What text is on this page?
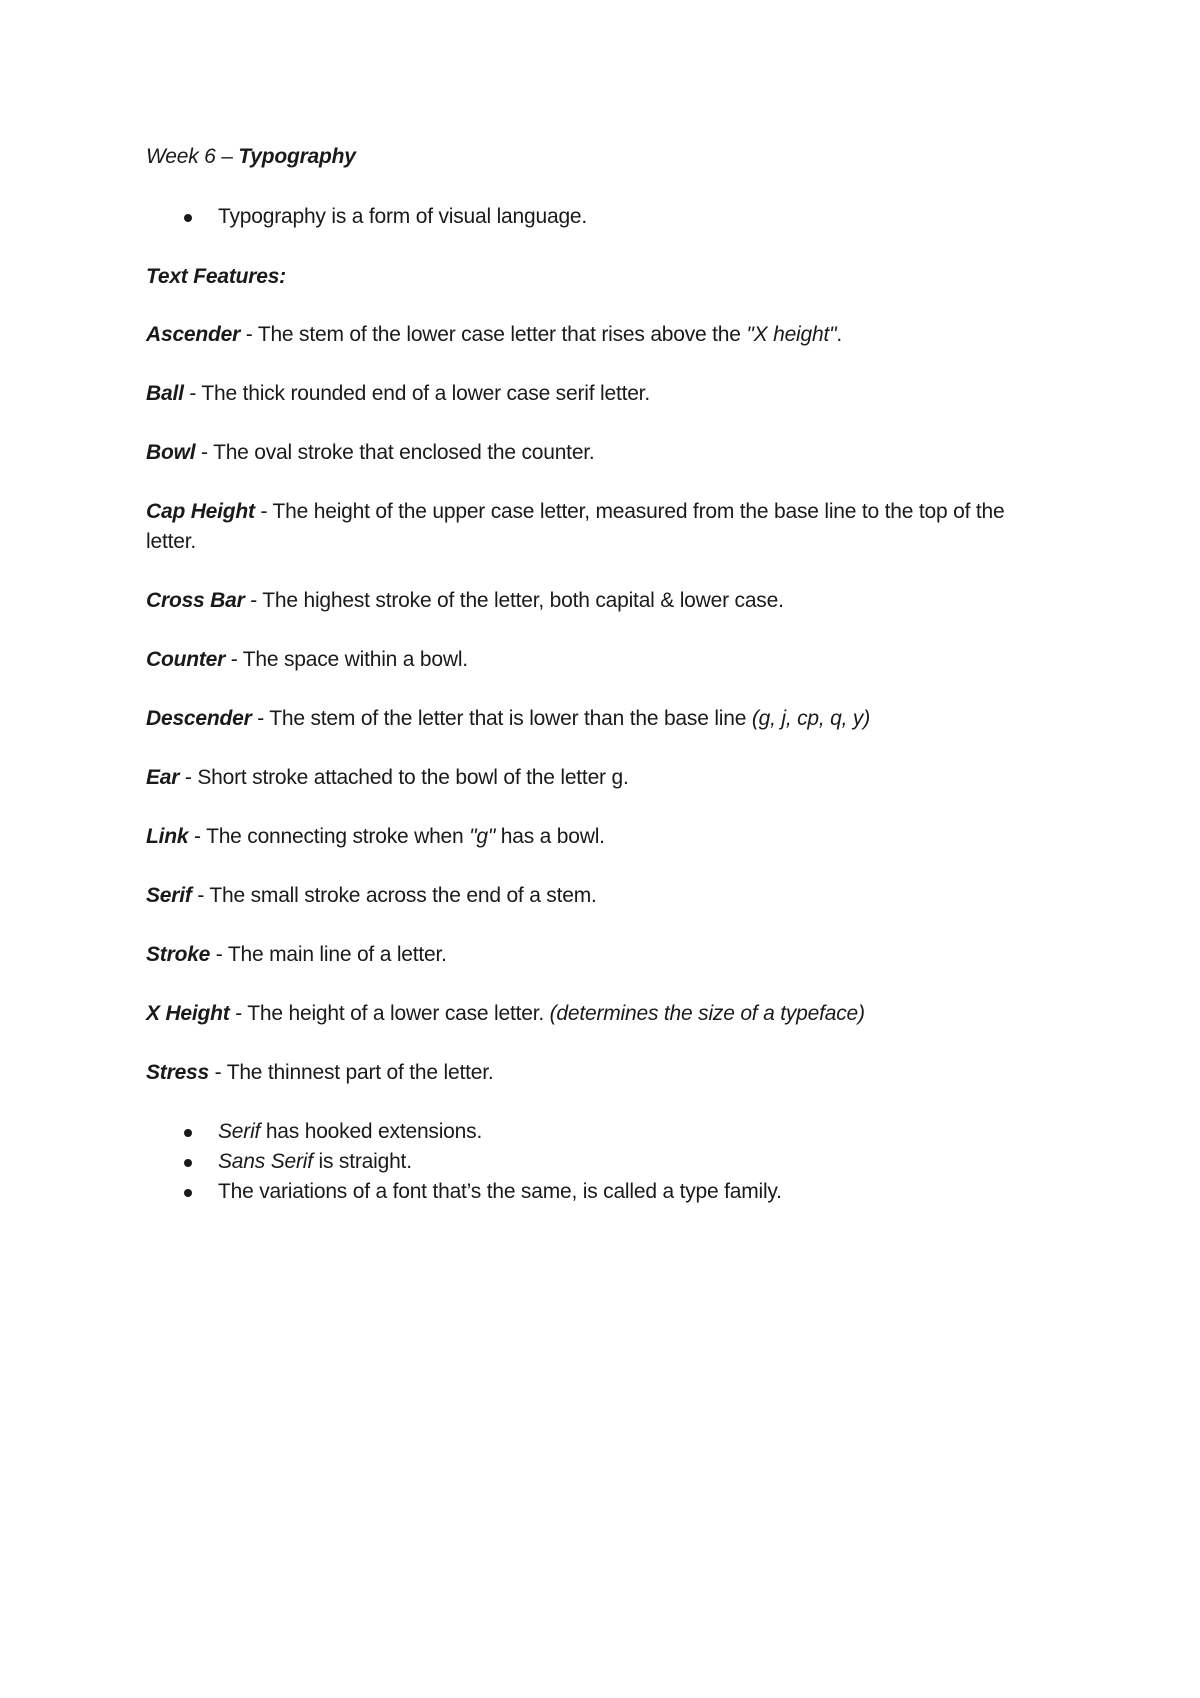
Week 6 – Typography

Typography is a form of visual language.

Text Features:

Ascender - The stem of the lower case letter that rises above the "X height".

Ball - The thick rounded end of a lower case serif letter.

Bowl - The oval stroke that enclosed the counter.

Cap Height - The height of the upper case letter, measured from the base line to the top of the letter.

Cross Bar - The highest stroke of the letter, both capital & lower case.

Counter - The space within a bowl.

Descender - The stem of the letter that is lower than the base line (g, j, cp, q, y)

Ear - Short stroke attached to the bowl of the letter g.

Link - The connecting stroke when "g" has a bowl.

Serif - The small stroke across the end of a stem.

Stroke - The main line of a letter.

X Height - The height of a lower case letter. (determines the size of a typeface)

Stress - The thinnest part of the letter.

Serif has hooked extensions.
Sans Serif is straight.
The variations of a font that’s the same, is called a type family.
